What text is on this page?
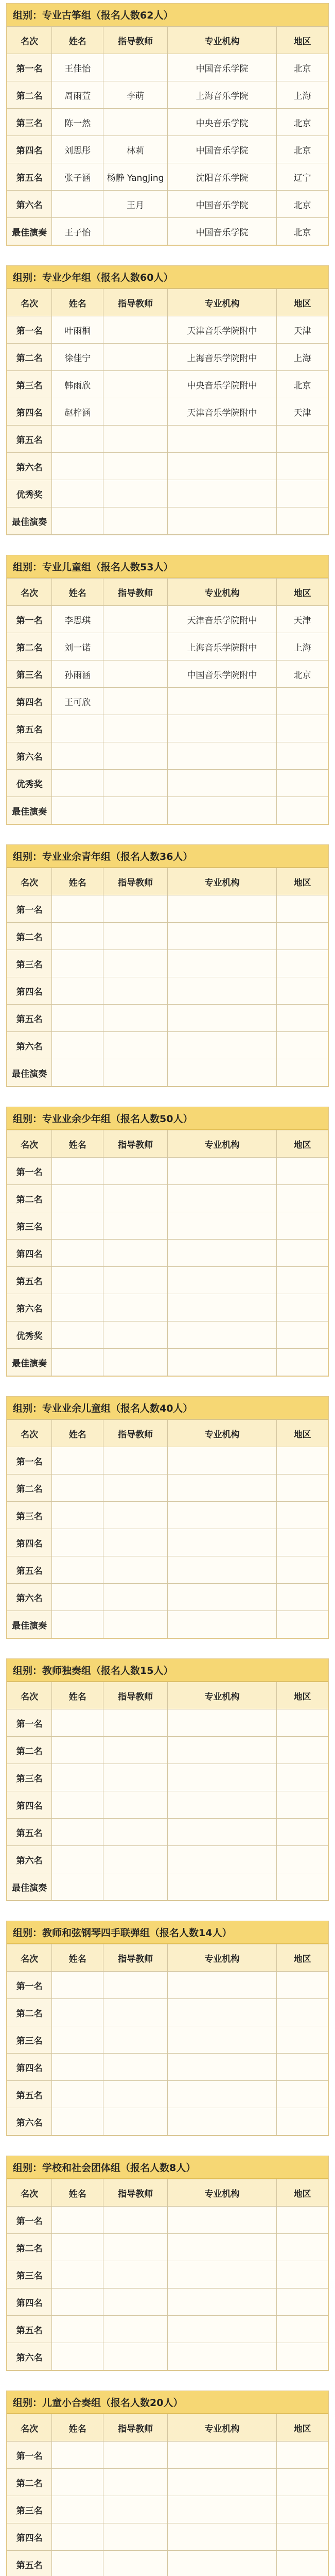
组别：专业古筝组（报名人数62人）
名次	姓名	指导教师	专业机构	地区
第一名	王佳怡		中国音乐学院	北京
第二名	周雨萱	李萌	上海音乐学院	上海
第三名	陈一然		中央音乐学院	北京
第四名	刘思彤	林莉	中国音乐学院	北京
第五名	张子涵	杨静 YangJing	沈阳音乐学院	辽宁
第六名		王月	中国音乐学院	北京
最佳演奏	王子怡		中国音乐学院	北京
组别：专业少年组（报名人数60人）
名次	姓名	指导教师	专业机构	地区
第一名	叶雨桐		天津音乐学院附中	天津
第二名	徐佳宁		上海音乐学院附中	上海
第三名	韩雨欣		中央音乐学院附中	北京
第四名	赵梓涵		天津音乐学院附中	天津
第五名				
第六名				
优秀奖				
最佳演奏				
组别：专业儿童组（报名人数53人）
名次	姓名	指导教师	专业机构	地区
第一名	李思琪		天津音乐学院附中	天津
第二名	刘一诺		上海音乐学院附中	上海
第三名	孙雨涵		中国音乐学院附中	北京
第四名	王可欣			
第五名				
第六名				
优秀奖				
最佳演奏				
组别：专业业余青年组（报名人数36人）
名次	姓名	指导教师	专业机构	地区
第一名				
第二名				
第三名				
第四名				
第五名				
第六名				
最佳演奏				
组别：专业业余少年组（报名人数50人）
名次	姓名	指导教师	专业机构	地区
第一名				
第二名				
第三名				
第四名				
第五名				
第六名				
优秀奖				
最佳演奏				
组别：专业业余儿童组（报名人数40人）
名次	姓名	指导教师	专业机构	地区
第一名				
第二名				
第三名				
第四名				
第五名				
第六名				
最佳演奏				
组别：教师独奏组（报名人数15人）
名次	姓名	指导教师	专业机构	地区
第一名				
第二名				
第三名				
第四名				
第五名				
第六名				
最佳演奏				
组别：教师和弦钢琴四手联弹组（报名人数14人）
名次	姓名	指导教师	专业机构	地区
第一名				
第二名				
第三名				
第四名				
第五名				
第六名				
组别：学校和社会团体组（报名人数8人）
名次	姓名	指导教师	专业机构	地区
第一名				
第二名				
第三名				
第四名				
第五名				
第六名				
组别：儿童小合奏组（报名人数20人）
名次	姓名	指导教师	专业机构	地区
第一名				
第二名				
第三名				
第四名				
第五名				
